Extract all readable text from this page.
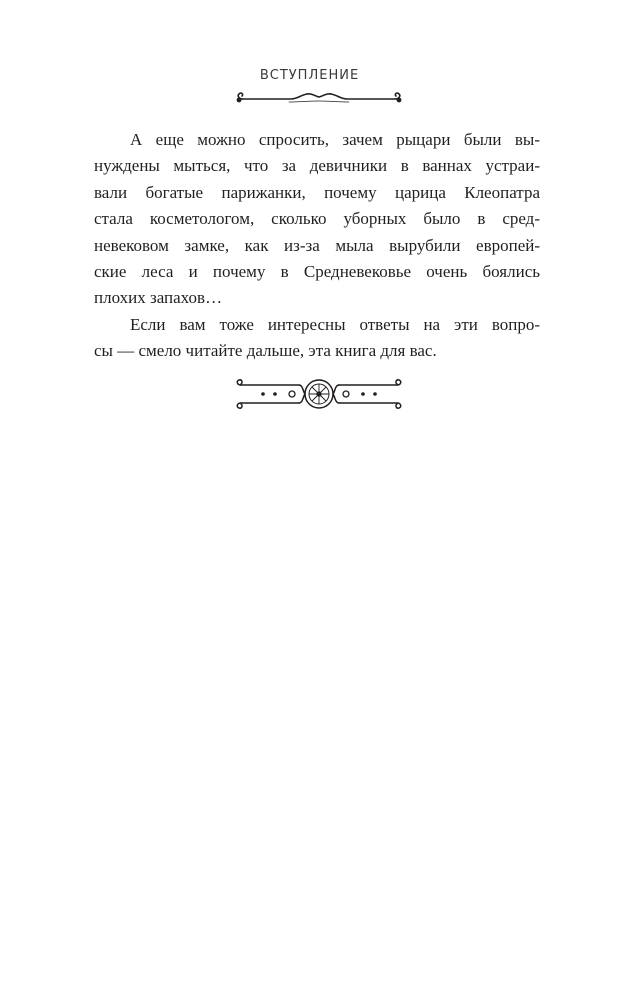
ВСТУПЛЕНИЕ
А еще можно спросить, зачем рыцари были вы-
нуждены мыться, что за девичники в ваннах устраи-
вали богатые парижанки, почему царица Клеопатра
стала косметологом, сколько уборных было в сред-
невековом замке, как из-за мыла вырубили европей-
ские леса и почему в Средневековье очень боялись
плохих запахов…
Если вам тоже интересны ответы на эти вопро-
сы — смело читайте дальше, эта книга для вас.
